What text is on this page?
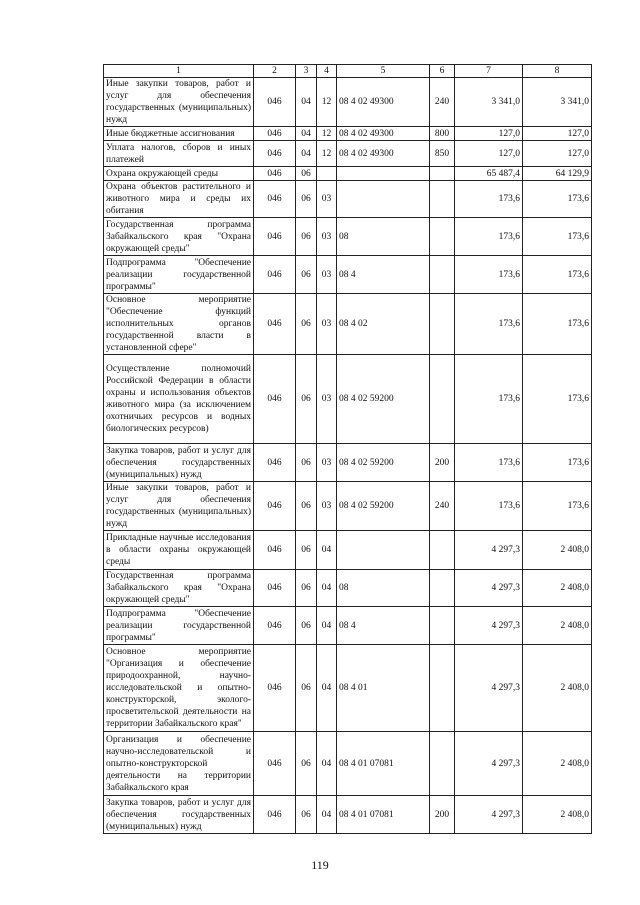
1	2	3	4	5	6	7	8
Иные закупки товаров, работ и услуг для обеспечения государственных (муниципальных) нужд	046	04	12	08 4 02 49300	240	3 341,0	3 341,0
Иные бюджетные ассигнования	046	04	12	08 4 02 49300	800	127,0	127,0
Уплата налогов, сборов и иных платежей	046	04	12	08 4 02 49300	850	127,0	127,0
Охрана окружающей среды	046	06				65 487,4	64 129,9
Охрана объектов растительного и животного мира и среды их обитания	046	06	03			173,6	173,6
Государственная программа Забайкальского края "Охрана окружающей среды"	046	06	03	08		173,6	173,6
Подпрограмма "Обеспечение реализации государственной программы"	046	06	03	08 4		173,6	173,6
Основное мероприятие "Обеспечение функций исполнительных органов государственной власти в установленной сфере"	046	06	03	08 4 02		173,6	173,6
Осуществление полномочий Российской Федерации в области охраны и использования объектов животного мира (за исключением охотничьих ресурсов и водных биологических ресурсов)	046	06	03	08 4 02 59200		173,6	173,6
Закупка товаров, работ и услуг для обеспечения государственных (муниципальных) нужд	046	06	03	08 4 02 59200	200	173,6	173,6
Иные закупки товаров, работ и услуг для обеспечения государственных (муниципальных) нужд	046	06	03	08 4 02 59200	240	173,6	173,6
Прикладные научные исследования в области охраны окружающей среды	046	06	04			4 297,3	2 408,0
Государственная программа Забайкальского края "Охрана окружающей среды"	046	06	04	08		4 297,3	2 408,0
Подпрограмма "Обеспечение реализации государственной программы"	046	06	04	08 4		4 297,3	2 408,0
Основное мероприятие "Организация и обеспечение природоохранной, научно-исследовательской и опытно-конструкторской, эколого-просветительской деятельности на территории Забайкальского края"	046	06	04	08 4 01		4 297,3	2 408,0
Организация и обеспечение научно-исследовательской и опытно-конструкторской деятельности на территории Забайкальского края	046	06	04	08 4 01 07081		4 297,3	2 408,0
Закупка товаров, работ и услуг для обеспечения государственных (муниципальных) нужд	046	06	04	08 4 01 07081	200	4 297,3	2 408,0
119
